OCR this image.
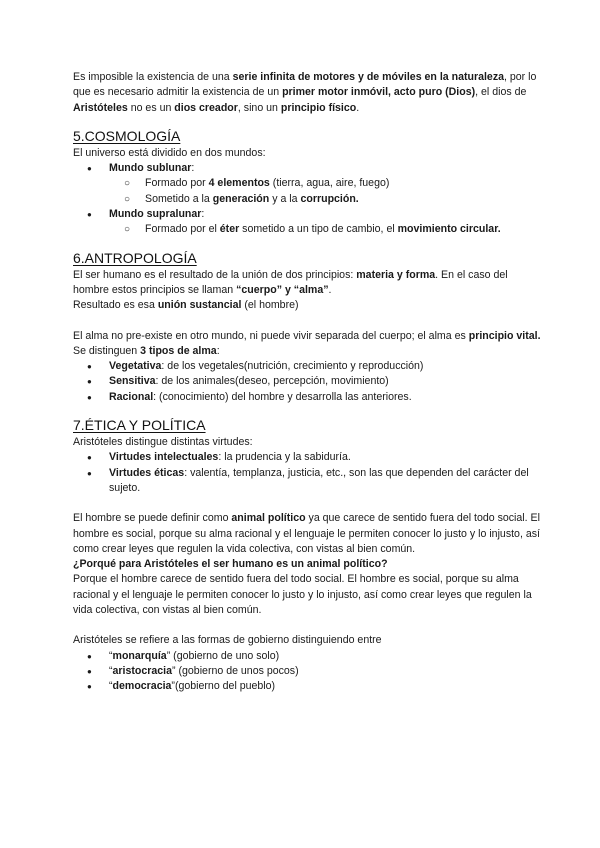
Es imposible la existencia de una serie infinita de motores y de móviles en la naturaleza, por lo que es necesario admitir la existencia de un primer motor inmóvil, acto puro (Dios), el dios de Aristóteles no es un dios creador, sino un principio físico.

5.COSMOLOGÍA

El universo está dividido en dos mundos:

● Mundo sublunar:
○ Formado por 4 elementos (tierra, agua, aire, fuego)
○ Sometido a la generación y a la corrupción.
● Mundo supralunar:
○ Formado por el éter sometido a un tipo de cambio, el movimiento circular.
6.ANTROPOLOGÍA

El ser humano es el resultado de la unión de dos principios: materia y forma. En el caso del hombre estos principios se llaman “cuerpo” y “alma”.

Resultado es esa unión sustancial (el hombre)

El alma no pre-existe en otro mundo, ni puede vivir separada del cuerpo; el alma es principio vital.

Se distinguen 3 tipos de alma:

● Vegetativa: de los vegetales(nutrición, crecimiento y reproducción)
● Sensitiva: de los animales(deseo, percepción, movimiento)
● Racional: (conocimiento) del hombre y desarrolla las anteriores.
7.ÉTICA Y POLÍTICA

Aristóteles distingue distintas virtudes:

● Virtudes intelectuales: la prudencia y la sabiduría.
● Virtudes éticas: valentía, templanza, justicia, etc., son las que dependen del carácter del sujeto.

El hombre se puede definir como animal político ya que carece de sentido fuera del todo social. El hombre es social, porque su alma racional y el lenguaje le permiten conocer lo justo y lo injusto, así como crear leyes que regulen la vida colectiva, con vistas al bien común.

¿Porqué para Aristóteles el ser humano es un animal político?

Porque el hombre carece de sentido fuera del todo social. El hombre es social, porque su alma racional y el lenguaje le permiten conocer lo justo y lo injusto, así como crear leyes que regulen la vida colectiva, con vistas al bien común.

Aristóteles se refiere a las formas de gobierno distinguiendo entre

● “monarquía” (gobierno de uno solo)
● “aristocracia” (gobierno de unos pocos)
● “democracia”(gobierno del pueblo)
